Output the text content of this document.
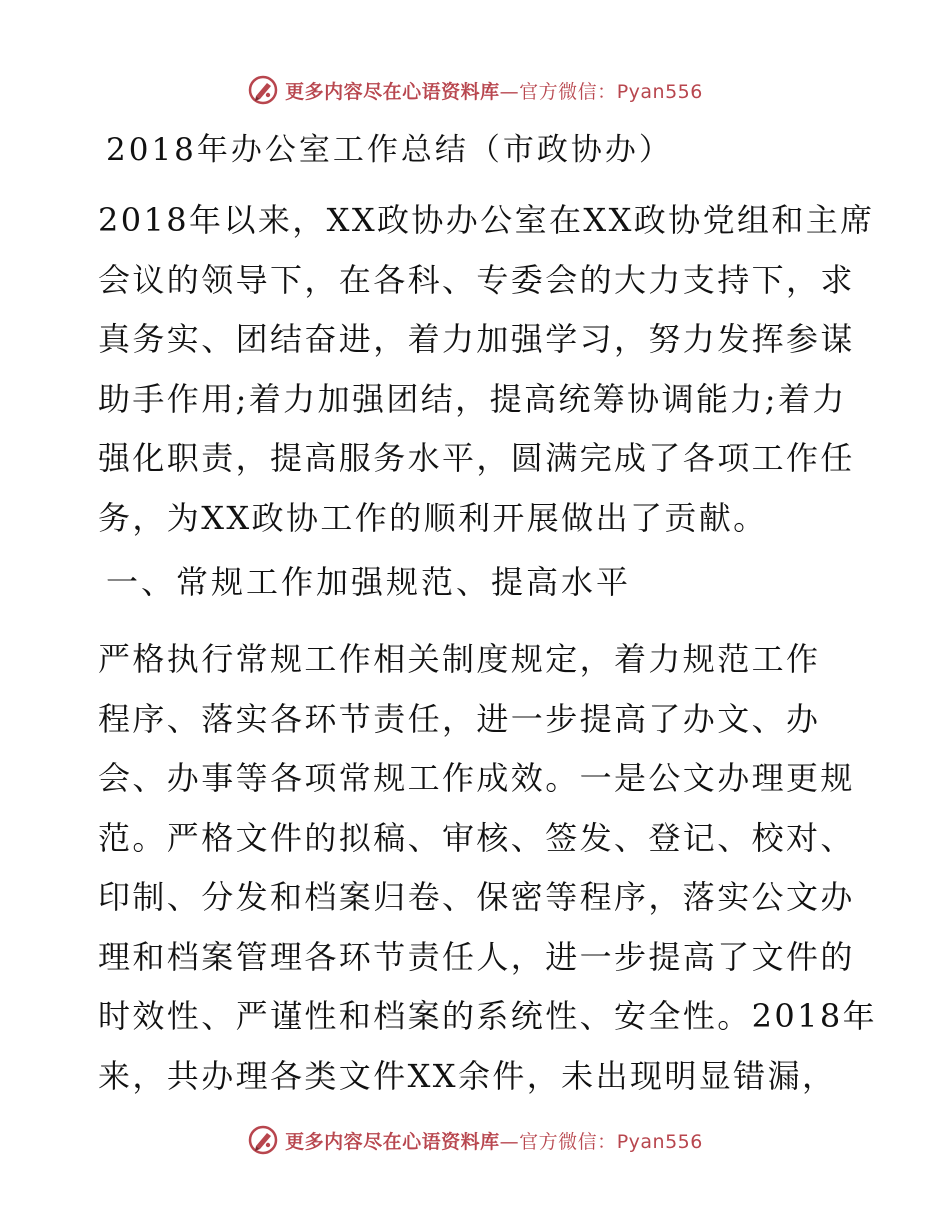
更多内容尽在心语资料库—官方微信：Pyan556
2018年办公室工作总结（市政协办）

2018年以来，XX政协办公室在XX政协党组和主席
会议的领导下，在各科、专委会的大力支持下，求
真务实、团结奋进，着力加强学习，努力发挥参谋
助手作用;着力加强团结，提高统筹协调能力;着力
强化职责，提高服务水平，圆满完成了各项工作任
务，为XX政协工作的顺利开展做出了贡献。

一、常规工作加强规范、提高水平

严格执行常规工作相关制度规定，着力规范工作
程序、落实各环节责任，进一步提高了办文、办
会、办事等各项常规工作成效。一是公文办理更规
范。严格文件的拟稿、审核、签发、登记、校对、
印制、分发和档案归卷、保密等程序，落实公文办
理和档案管理各环节责任人，进一步提高了文件的
时效性、严谨性和档案的系统性、安全性。2018年
来，共办理各类文件XX余件，未出现明显错漏，

更多内容尽在心语资料库—官方微信：Pyan556
